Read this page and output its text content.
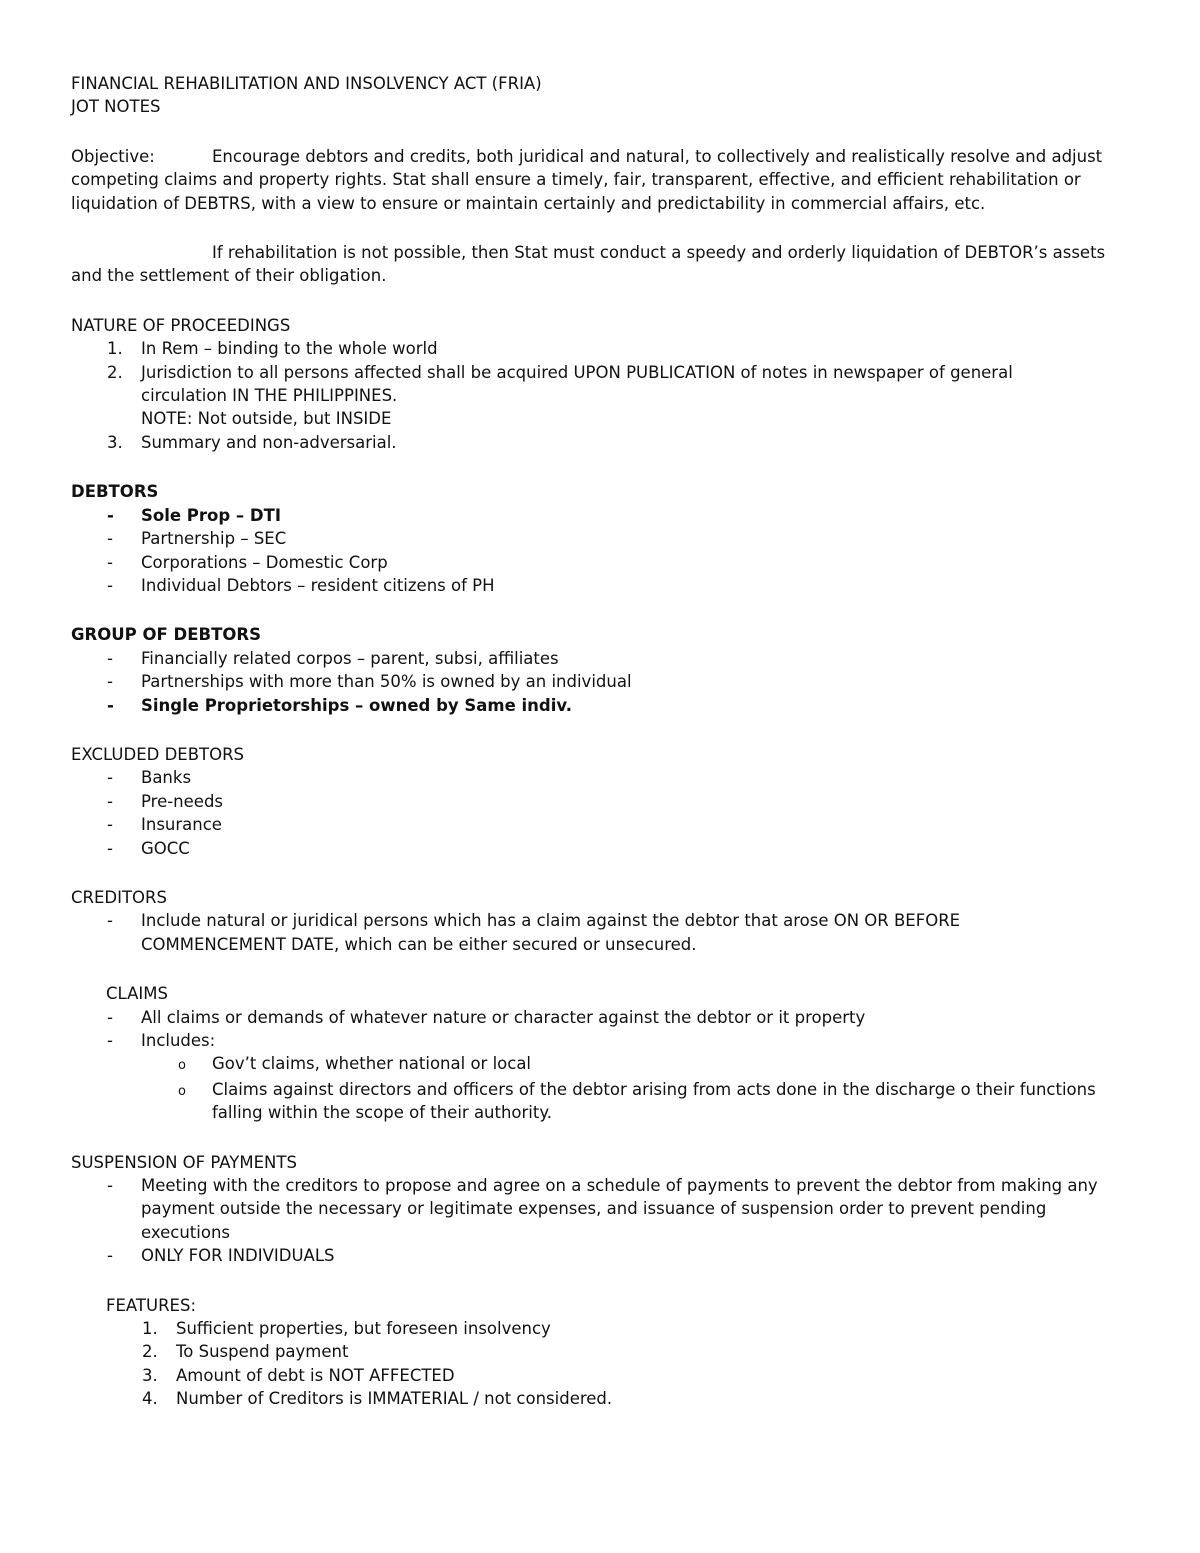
FINANCIAL REHABILITATION AND INSOLVENCY ACT (FRIA)
JOT NOTES
Objective:	Encourage debtors and credits, both juridical and natural, to collectively and realistically resolve and adjust competing claims and property rights. Stat shall ensure a timely, fair, transparent, effective, and efficient rehabilitation or liquidation of DEBTRS, with a view to ensure or maintain certainly and predictability in commercial affairs, etc.
If rehabilitation is not possible, then Stat must conduct a speedy and orderly liquidation of DEBTOR’s assets and the settlement of their obligation.
NATURE OF PROCEEDINGS
1.	In Rem – binding to the whole world
2.	Jurisdiction to all persons affected shall be acquired UPON PUBLICATION of notes in newspaper of general circulation IN THE PHILIPPINES.
NOTE: Not outside, but INSIDE
3.	Summary and non-adversarial.
DEBTORS
-	Sole Prop – DTI
-	Partnership – SEC
-	Corporations – Domestic Corp
-	Individual Debtors – resident citizens of PH
GROUP OF DEBTORS
-	Financially related corpos – parent, subsi, affiliates
-	Partnerships with more than 50% is owned by an individual
-	Single Proprietorships – owned by Same indiv.
EXCLUDED DEBTORS
-	Banks
-	Pre-needs
-	Insurance
-	GOCC
CREDITORS
-	Include natural or juridical persons which has a claim against the debtor that arose ON OR BEFORE COMMENCEMENT DATE, which can be either secured or unsecured.
CLAIMS
-	All claims or demands of whatever nature or character against the debtor or it property
-	Includes:
o	Gov’t claims, whether national or local
o	Claims against directors and officers of the debtor arising from acts done in the discharge o their functions falling within the scope of their authority.
SUSPENSION OF PAYMENTS
-	Meeting with the creditors to propose and agree on a schedule of payments to prevent the debtor from making any payment outside the necessary or legitimate expenses, and issuance of suspension order to prevent pending executions
-	ONLY FOR INDIVIDUALS
FEATURES:
1.	Sufficient properties, but foreseen insolvency
2.	To Suspend payment
3.	Amount of debt is NOT AFFECTED
4.	Number of Creditors is IMMATERIAL / not considered.
